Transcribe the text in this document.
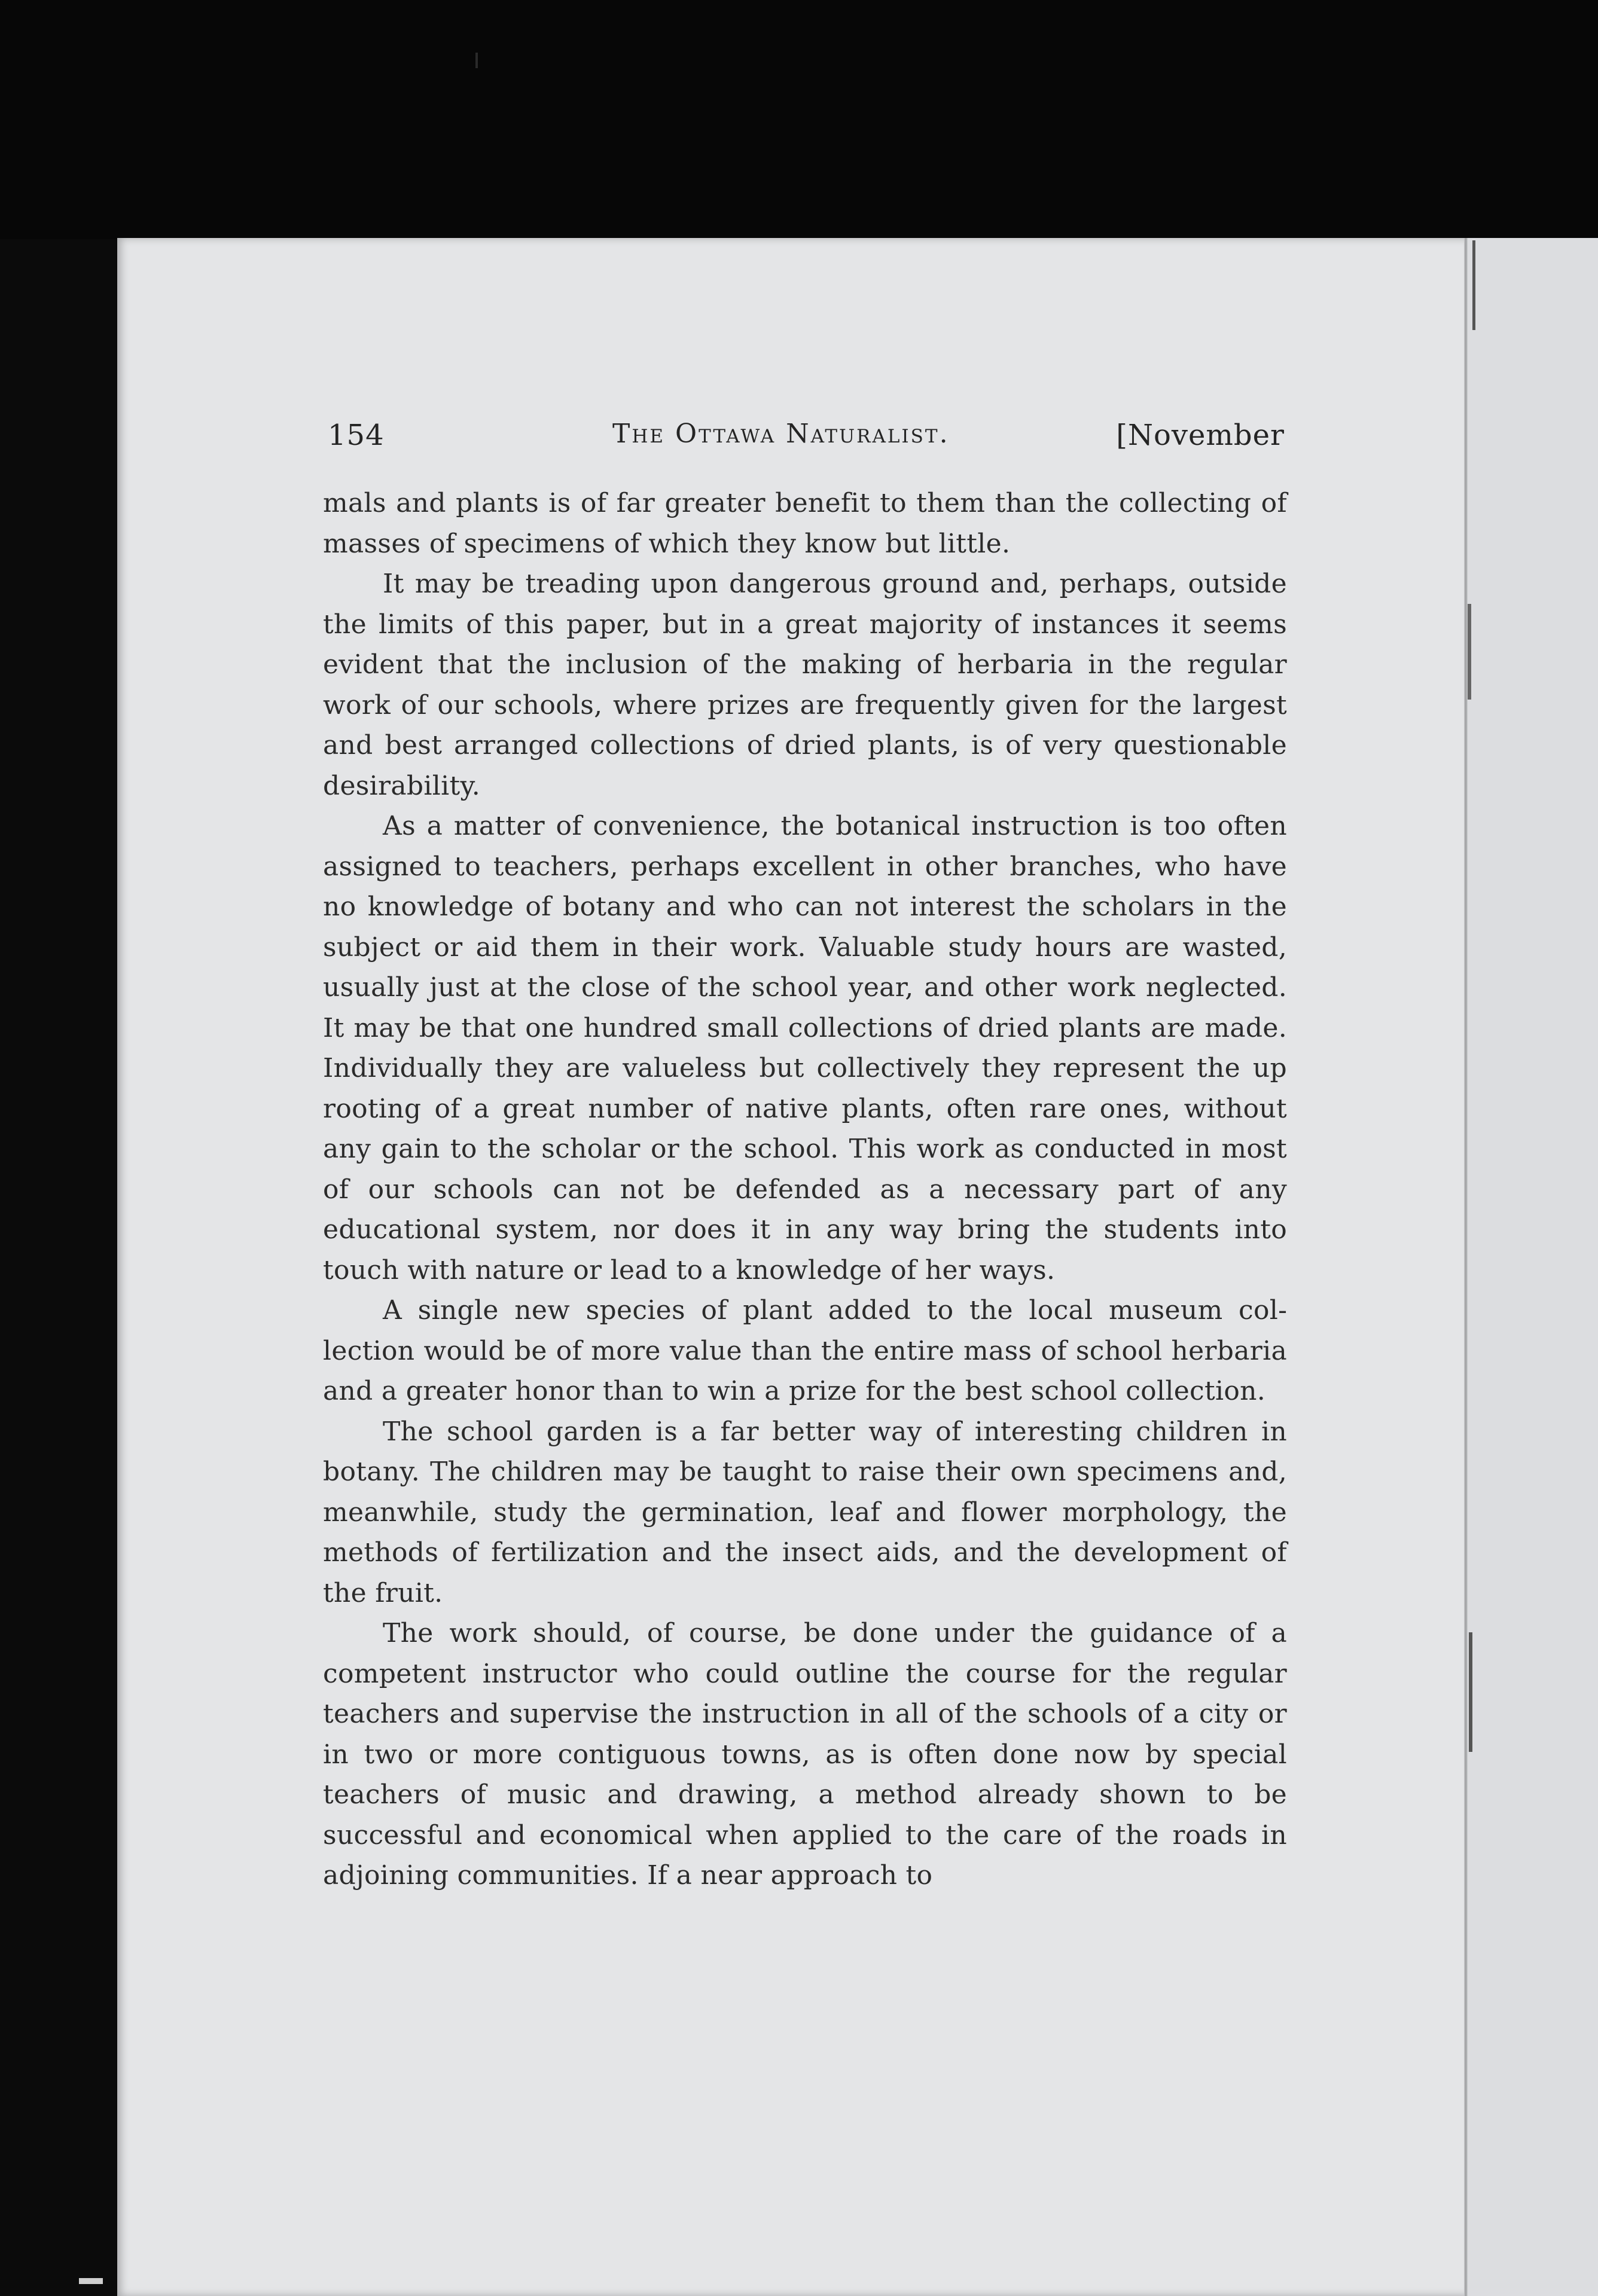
154	The Ottawa Naturalist.	[November

mals and plants is of far greater benefit to them than the collecting of masses of specimens of which they know but little.

It may be treading upon dangerous ground and, perhaps, outside the limits of this paper, but in a great majority of instances it seems evident that the inclusion of the making of herbaria in the regular work of our schools, where prizes are frequently given for the largest and best arranged collections of dried plants, is of very questionable desirability.

As a matter of convenience, the botanical instruction is too often assigned to teachers, perhaps excellent in other branches, who have no knowledge of botany and who can not interest the scholars in the subject or aid them in their work. Valuable study hours are wasted, usually just at the close of the school year, and other work neglected. It may be that one hundred small collections of dried plants are made. Individually they are valueless but collectively they represent the up rooting of a great number of native plants, often rare ones, without any gain to the scholar or the school. This work as conducted in most of our schools can not be defended as a necessary part of any educational system, nor does it in any way bring the students into touch with nature or lead to a knowledge of her ways.

A single new species of plant added to the local museum collection would be of more value than the entire mass of school herbaria and a greater honor than to win a prize for the best school collection.

The school garden is a far better way of interesting children in botany. The children may be taught to raise their own specimens and, meanwhile, study the germination, leaf and flower morphology, the methods of fertilization and the insect aids, and the development of the fruit.

The work should, of course, be done under the guidance of a competent instructor who could outline the course for the regular teachers and supervise the instruction in all of the schools of a city or in two or more contiguous towns, as is often done now by special teachers of music and drawing, a method already shown to be successful and economical when applied to the care of the roads in adjoining communities. If a near approach to
